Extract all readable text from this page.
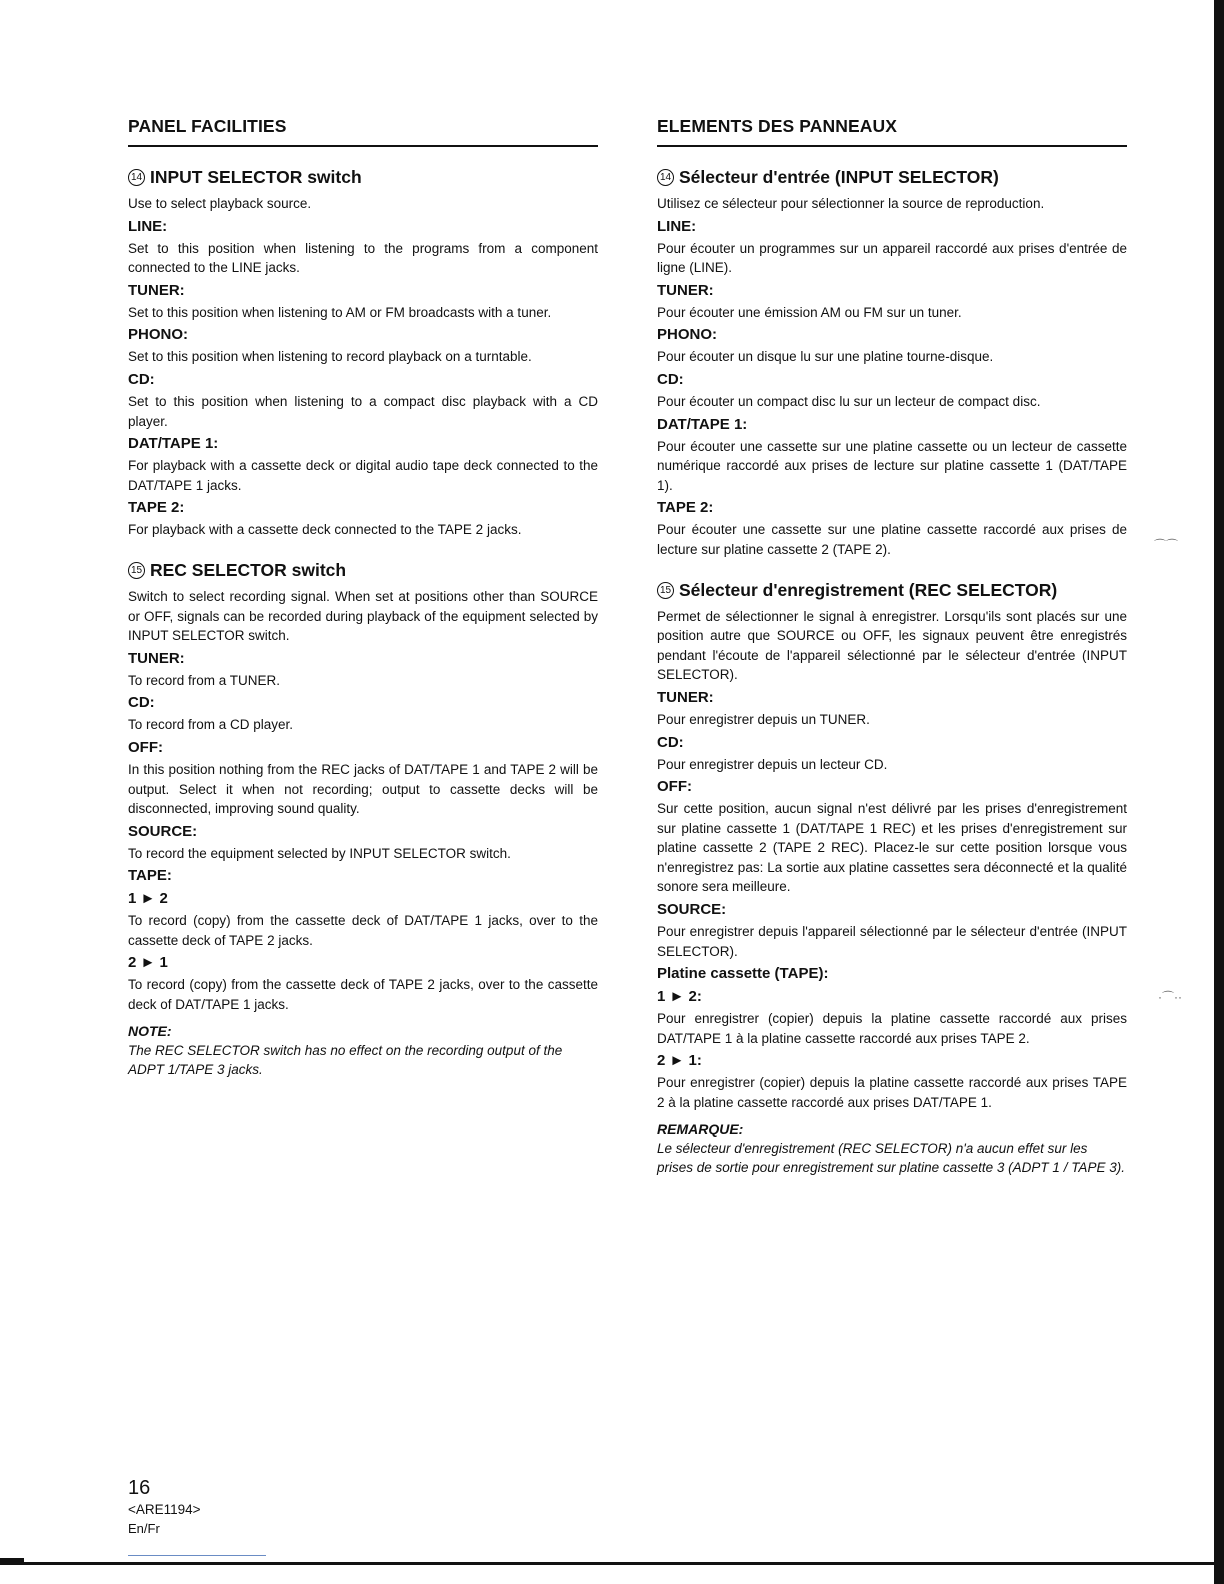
⌒⌒
·⌒··
PANEL FACILITIES
14 INPUT SELECTOR switch

Use to select playback source.

LINE:

Set to this position when listening to the programs from a component connected to the LINE jacks.

TUNER:

Set to this position when listening to AM or FM broadcasts with a tuner.

PHONO:

Set to this position when listening to record playback on a turntable.

CD:

Set to this position when listening to a compact disc playback with a CD player.

DAT/TAPE 1:

For playback with a cassette deck or digital audio tape deck connected to the DAT/TAPE 1 jacks.

TAPE 2:

For playback with a cassette deck connected to the TAPE 2 jacks.

15 REC SELECTOR switch

Switch to select recording signal. When set at positions other than SOURCE or OFF, signals can be recorded during playback of the equipment selected by INPUT SELECTOR switch.

TUNER:

To record from a TUNER.

CD:

To record from a CD player.

OFF:

In this position nothing from the REC jacks of DAT/TAPE 1 and TAPE 2 will be output. Select it when not recording; output to cassette decks will be disconnected, improving sound quality.

SOURCE:

To record the equipment selected by INPUT SELECTOR switch.

TAPE:
1 ► 2

To record (copy) from the cassette deck of DAT/TAPE 1 jacks, over to the cassette deck of TAPE 2 jacks.

2 ► 1

To record (copy) from the cassette deck of TAPE 2 jacks, over to the cassette deck of DAT/TAPE 1 jacks.

NOTE:

The REC SELECTOR switch has no effect on the recording output of the ADPT 1/TAPE 3 jacks.

ELEMENTS DES PANNEAUX
14 Sélecteur d'entrée (INPUT SELECTOR)

Utilisez ce sélecteur pour sélectionner la source de reproduction.

LINE:

Pour écouter un programmes sur un appareil raccordé aux prises d'entrée de ligne (LINE).

TUNER:

Pour écouter une émission AM ou FM sur un tuner.

PHONO:

Pour écouter un disque lu sur une platine tourne-disque.

CD:

Pour écouter un compact disc lu sur un lecteur de compact disc.

DAT/TAPE 1:

Pour écouter une cassette sur une platine cassette ou un lecteur de cassette numérique raccordé aux prises de lecture sur platine cassette 1 (DAT/TAPE 1).

TAPE 2:

Pour écouter une cassette sur une platine cassette raccordé aux prises de lecture sur platine cassette 2 (TAPE 2).

15 Sélecteur d'enregistrement (REC SELECTOR)

Permet de sélectionner le signal à enregistrer. Lorsqu'ils sont placés sur une position autre que SOURCE ou OFF, les signaux peuvent être enregistrés pendant l'écoute de l'appareil sélectionné par le sélecteur d'entrée (INPUT SELECTOR).

TUNER:

Pour enregistrer depuis un TUNER.

CD:

Pour enregistrer depuis un lecteur CD.

OFF:

Sur cette position, aucun signal n'est délivré par les prises d'enregistrement sur platine cassette 1 (DAT/TAPE 1 REC) et les prises d'enregistrement sur platine cassette 2 (TAPE 2 REC). Placez-le sur cette position lorsque vous n'enregistrez pas: La sortie aux platine cassettes sera déconnecté et la qualité sonore sera meilleure.

SOURCE:

Pour enregistrer depuis l'appareil sélectionné par le sélecteur d'entrée (INPUT SELECTOR).

Platine cassette (TAPE):
1 ► 2:

Pour enregistrer (copier) depuis la platine cassette raccordé aux prises DAT/TAPE 1 à la platine cassette raccordé aux prises TAPE 2.

2 ► 1:

Pour enregistrer (copier) depuis la platine cassette raccordé aux prises TAPE 2 à la platine cassette raccordé aux prises DAT/TAPE 1.

REMARQUE:

Le sélecteur d'enregistrement (REC SELECTOR) n'a aucun effet sur les prises de sortie pour enregistrement sur platine cassette 3 (ADPT 1 / TAPE 3).

16
<ARE1194>
En/Fr
